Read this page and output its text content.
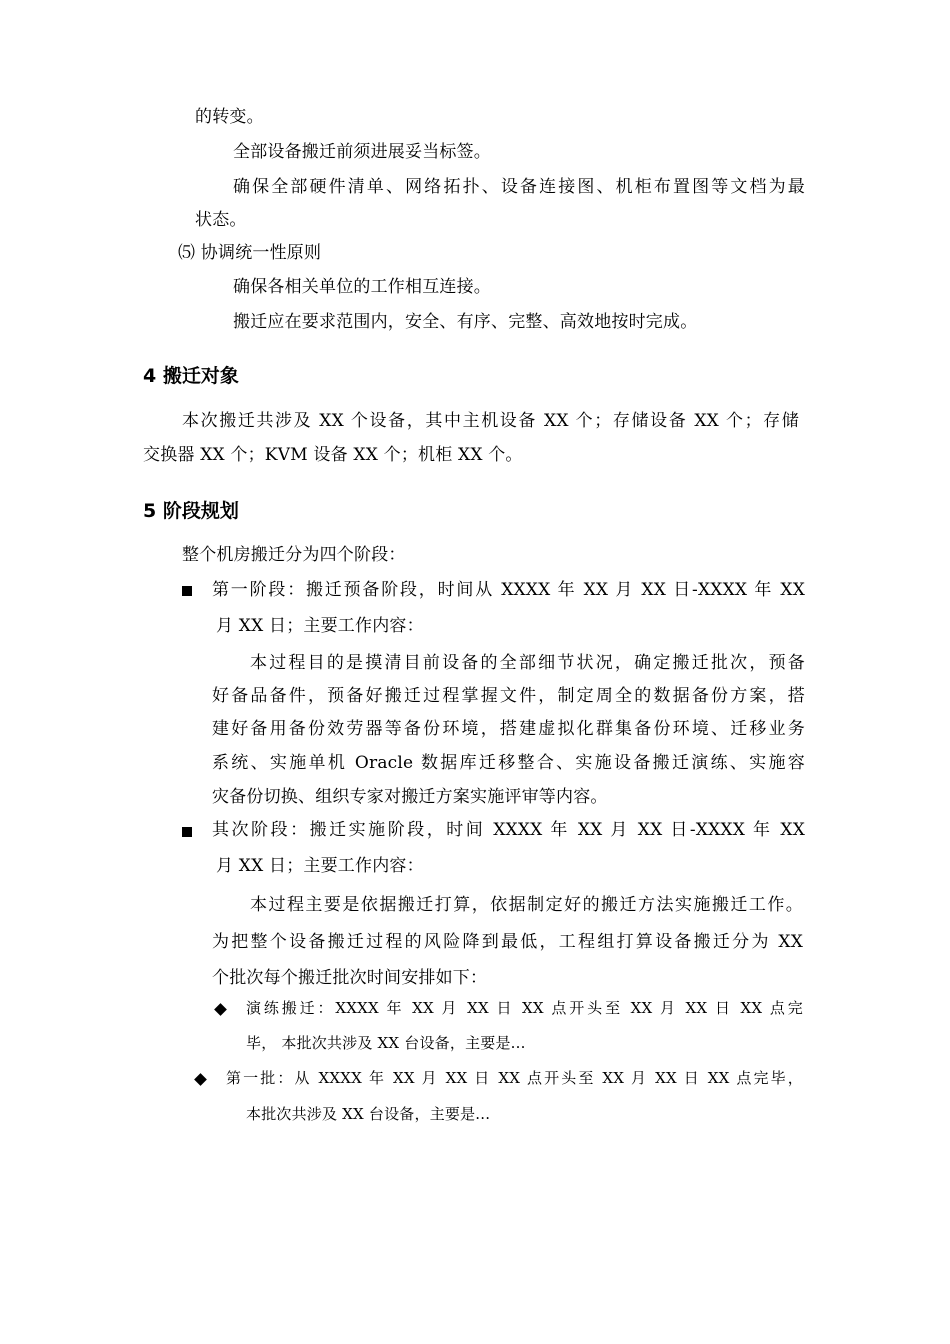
的转变。
全部设备搬迁前须进展妥当标签。
确保全部硬件清单、网络拓扑、设备连接图、机柜布置图等文档为最
状态。
⑸ 协调统一性原则
确保各相关单位的工作相互连接。
搬迁应在要求范围内，安全、有序、完整、高效地按时完成。
4 搬迁对象
本次搬迁共涉及 XX 个设备，其中主机设备 XX 个；存储设备 XX 个；存储
交换器 XX 个；KVM 设备 XX 个；机柜 XX 个。
5 阶段规划
整个机房搬迁分为四个阶段：
第一阶段：搬迁预备阶段，时间从 XXXX 年 XX 月 XX 日-XXXX 年 XX
月 XX 日；主要工作内容：
本过程目的是摸清目前设备的全部细节状况，确定搬迁批次，预备
好备品备件，预备好搬迁过程掌握文件，制定周全的数据备份方案，搭
建好备用备份效劳器等备份环境，搭建虚拟化群集备份环境、迁移业务
系统、实施单机 Oracle 数据库迁移整合、实施设备搬迁演练、实施容
灾备份切换、组织专家对搬迁方案实施评审等内容。
其次阶段：搬迁实施阶段，时间 XXXX 年 XX 月 XX 日-XXXX 年 XX
月 XX 日；主要工作内容：
本过程主要是依据搬迁打算，依据制定好的搬迁方法实施搬迁工作。
为把整个设备搬迁过程的风险降到最低，工程组打算设备搬迁分为 XX
个批次每个搬迁批次时间安排如下：
演练搬迁：XXXX 年 XX 月 XX 日 XX 点开头至 XX 月 XX 日 XX 点完
毕， 本批次共涉及 XX 台设备，主要是...
第一批：从 XXXX 年 XX 月 XX 日 XX 点开头至 XX 月 XX 日 XX 点完毕，
本批次共涉及 XX 台设备，主要是...
